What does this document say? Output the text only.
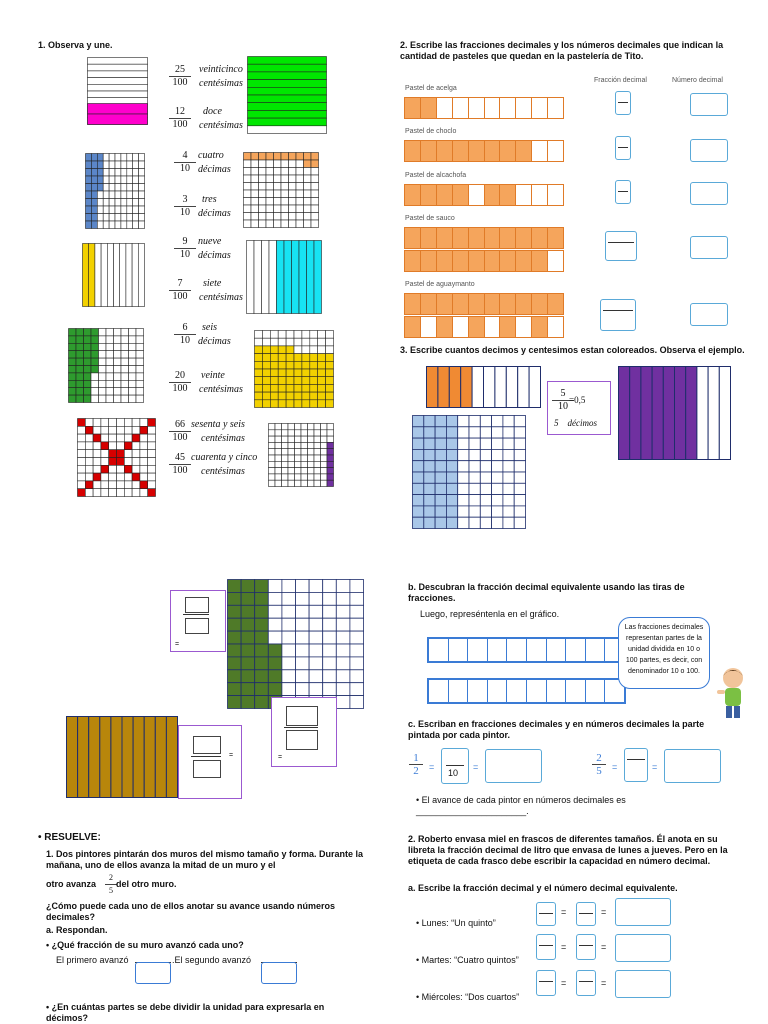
1. Observa y une.
25
100
veinticinco
centésimas
12
100
doce
centésimas
4
10
cuatro
décimas
3
10
tres
décimas
9
10
nueve
décimas
7
100
siete
centésimas
6
10
seis
décimas
20
100
veinte
centésimas
66
100
sesenta y seis
centésimas
45
100
cuarenta y cinco
centésimas
2. Escribe las fracciones decimales y los números decimales que indican la cantidad de pasteles que quedan en la pastelería de Tito.
Fracción decimal	Número decimal
Pastel de acelga
Pastel de choclo
Pastel de alcachofa
Pastel de sauco
Pastel de aguaymanto
3. Escribe cuantos decimos y centesimos estan coloreados. Observa el ejemplo.
$\frac{5}{10}$
=0,5
5    décimos
=
=	=
b. Descubran la fracción decimal equivalente usando las tiras de fracciones.
Luego, represéntenla en el gráfico.
Las fracciones decimales representan partes de la unidad dividida en 10 o 100 partes, es decir, con denominador 10 o 100.
c. Escriban en fracciones decimales y en números decimales la parte pintada por cada pintor.
$\frac{1}{2}$ =
10
=	$\frac{2}{5}$ =	=
• El avance de cada pintor en números decimales es
______________________.
• RESUELVE:
1. Dos pintores pintarán dos muros del mismo tamaño y forma. Durante la mañana, uno de ellos avanza la mitad de un muro y el
otro avanza $\frac{2}{5}$ del otro muro.
¿Cómo puede cada uno de ellos anotar su avance usando números decimales?
a. Respondan.
• ¿Qué fracción de su muro avanzó cada uno?
El primero avanzó	.El segundo avanzó
• ¿En cuántas partes se debe dividir la unidad para expresarla en décimos?
2. Roberto envasa miel en frascos de diferentes tamaños. Él anota en su libreta la fracción decimal de litro que envasa de lunes a jueves. Pero en la etiqueta de cada frasco debe escribir la capacidad en número decimal.
a. Escribe la fracción decimal y el número decimal equivalente.
• Lunes: “Un quinto”
=	=
• Martes: “Cuatro quintos”
=	=
• Miércoles: “Dos cuartos”
=	=
